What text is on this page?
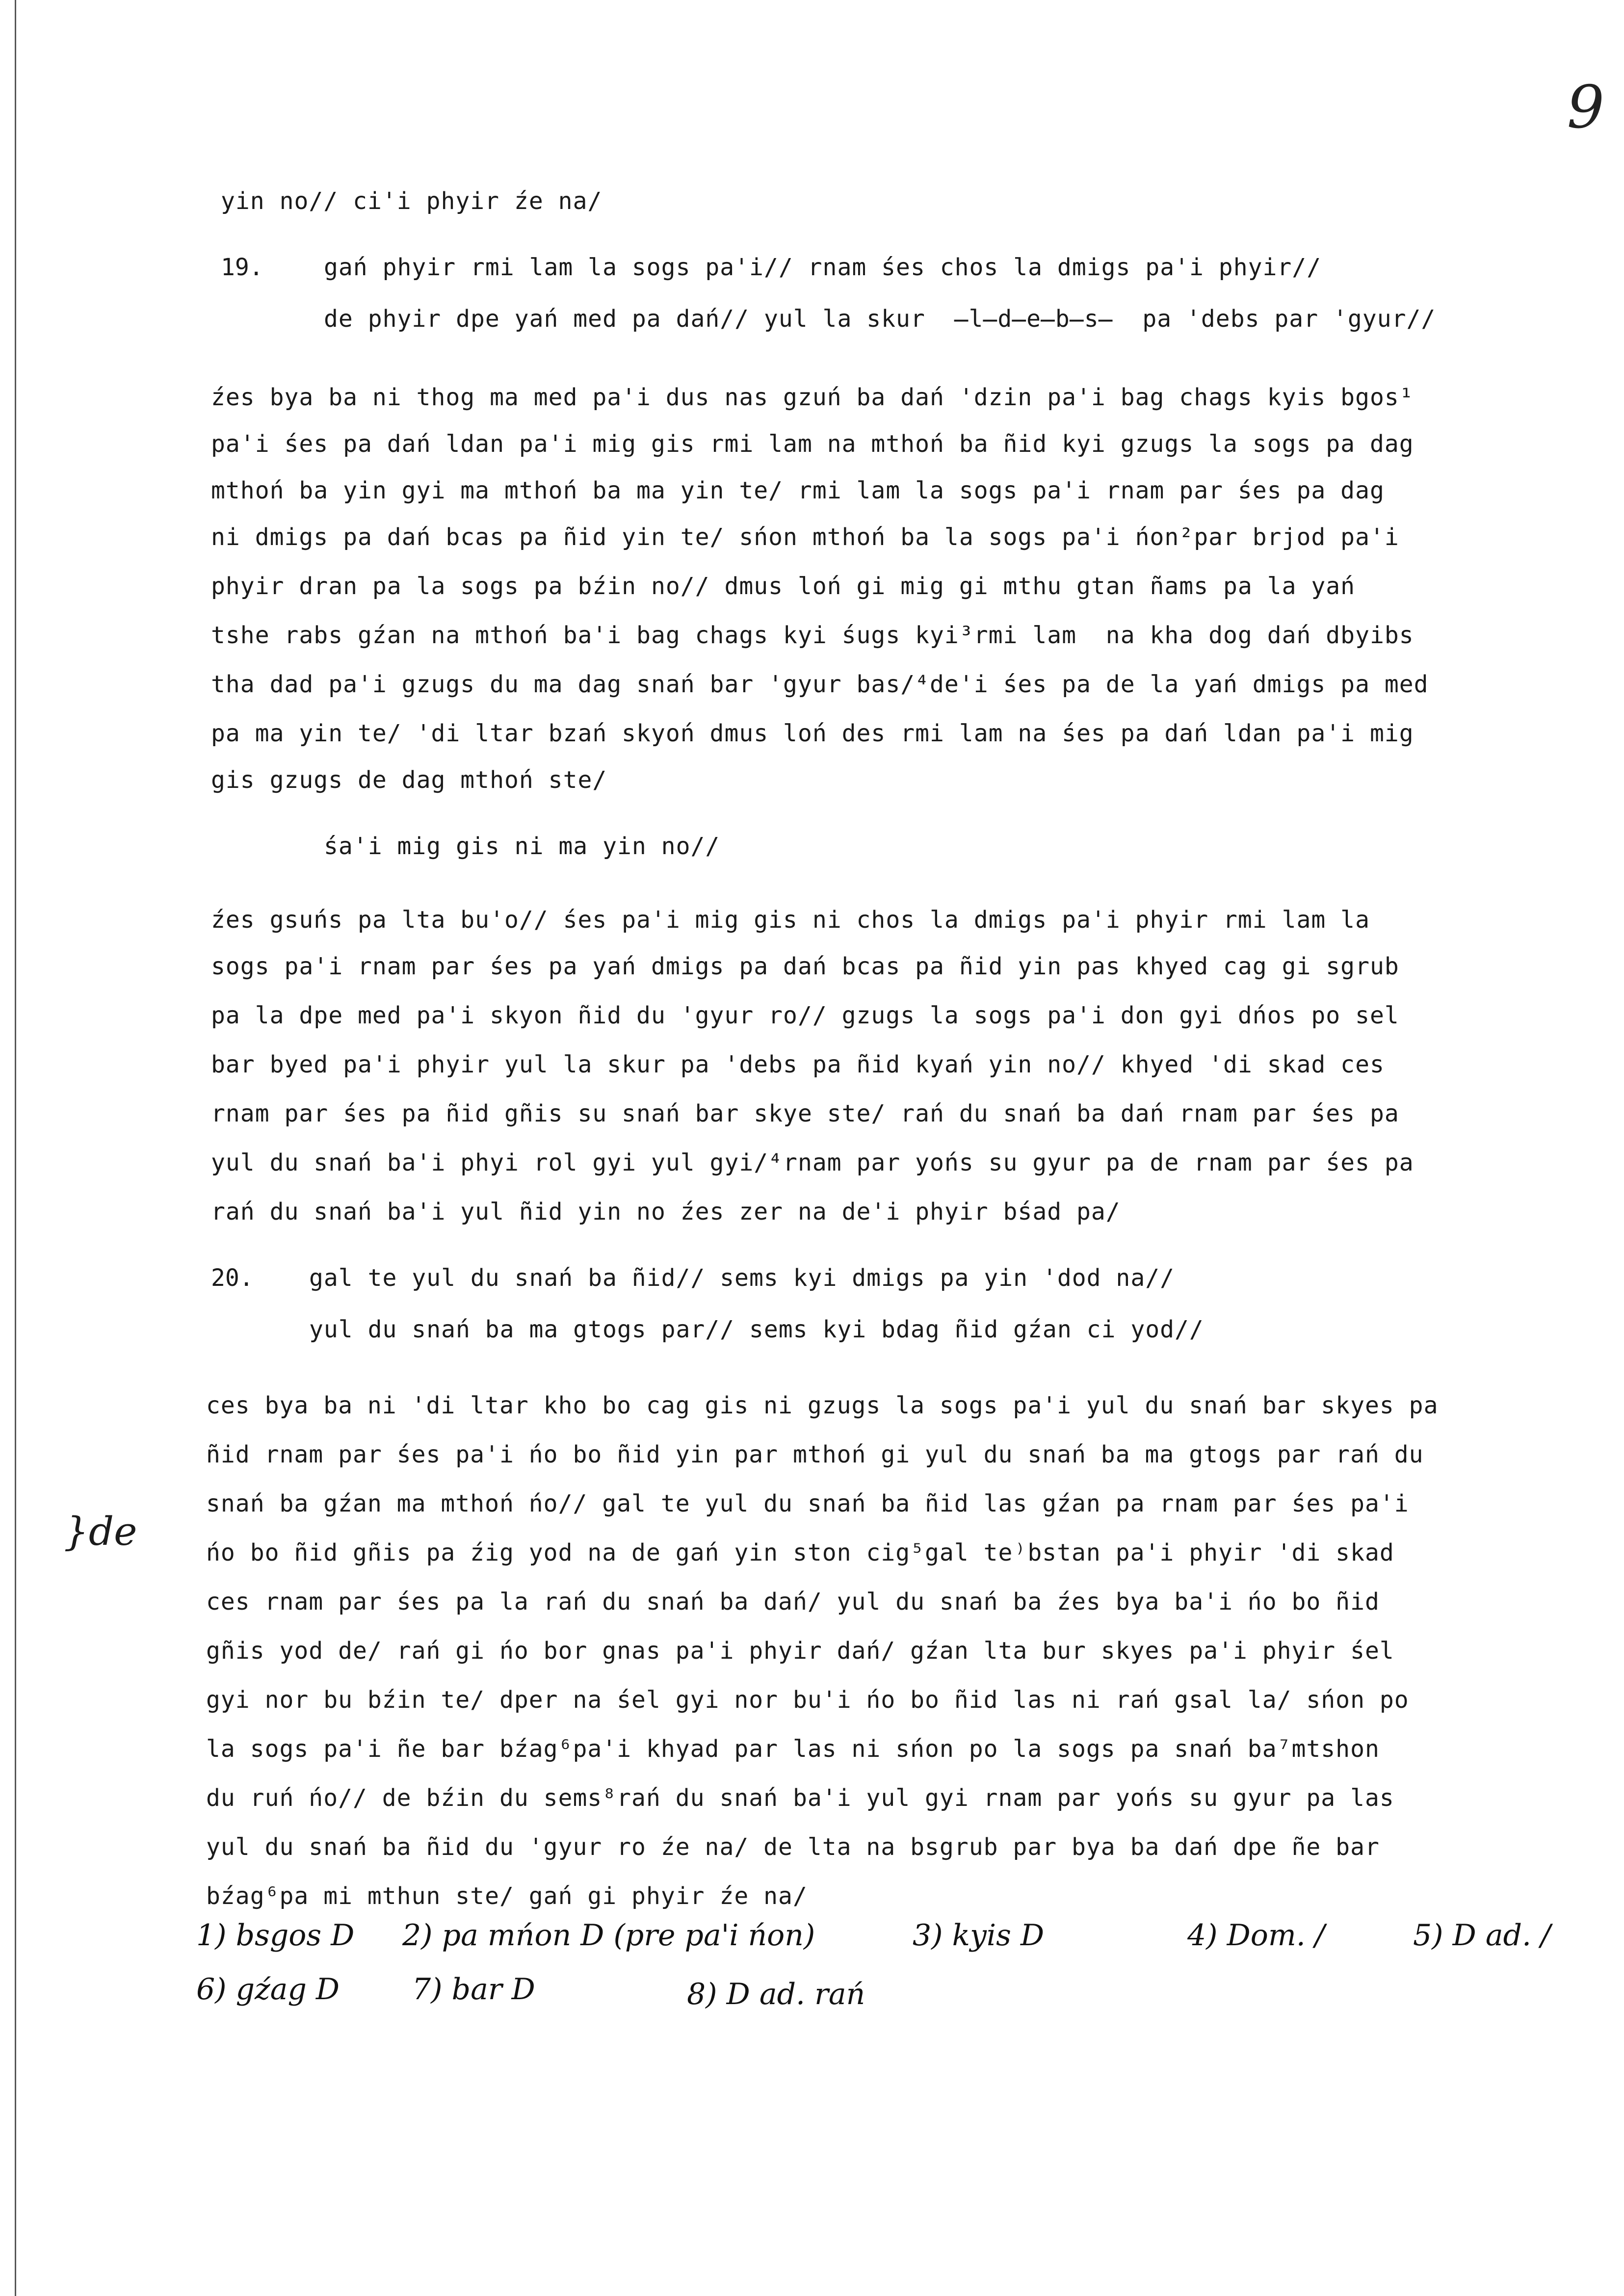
9
}de
yin no// ci'i phyir źe na/
19.	gań phyir rmi lam la sogs pa'i// rnam śes chos la dmigs pa'i phyir//
de phyir dpe yań med pa dań// yul la skur  ̶l̶d̶e̶b̶s̶  pa 'debs par 'gyur//
źes bya ba ni thog ma med pa'i dus nas gzuń ba dań 'dzin pa'i bag chags kyis bgos¹
pa'i śes pa dań ldan pa'i mig gis rmi lam na mthoń ba ñid kyi gzugs la sogs pa dag
mthoń ba yin gyi ma mthoń ba ma yin te/ rmi lam la sogs pa'i rnam par śes pa dag
ni dmigs pa dań bcas pa ñid yin te/ sńon mthoń ba la sogs pa'i ńon²par brjod pa'i
phyir dran pa la sogs pa bźin no// dmus loń gi mig gi mthu gtan ñams pa la yań
tshe rabs gźan na mthoń ba'i bag chags kyi śugs kyi³rmi lam  na kha dog dań dbyibs
tha dad pa'i gzugs du ma dag snań bar 'gyur bas/⁴de'i śes pa de la yań dmigs pa med
pa ma yin te/ 'di ltar bzań skyoń dmus loń des rmi lam na śes pa dań ldan pa'i mig
gis gzugs de dag mthoń ste/
śa'i mig gis ni ma yin no//
źes gsuńs pa lta bu'o// śes pa'i mig gis ni chos la dmigs pa'i phyir rmi lam la
sogs pa'i rnam par śes pa yań dmigs pa dań bcas pa ñid yin pas khyed cag gi sgrub
pa la dpe med pa'i skyon ñid du 'gyur ro// gzugs la sogs pa'i don gyi dńos po sel
bar byed pa'i phyir yul la skur pa 'debs pa ñid kyań yin no// khyed 'di skad ces
rnam par śes pa ñid gñis su snań bar skye ste/ rań du snań ba dań rnam par śes pa
yul du snań ba'i phyi rol gyi yul gyi/⁴rnam par yońs su gyur pa de rnam par śes pa
rań du snań ba'i yul ñid yin no źes zer na de'i phyir bśad pa/
20. gal te yul du snań ba ñid// sems kyi dmigs pa yin 'dod na//
yul du snań ba ma gtogs par// sems kyi bdag ñid gźan ci yod//
ces bya ba ni 'di ltar kho bo cag gis ni gzugs la sogs pa'i yul du snań bar skyes pa
ñid rnam par śes pa'i ńo bo ñid yin par mthoń gi yul du snań ba ma gtogs par rań du
snań ba gźan ma mthoń ńo// gal te yul du snań ba ñid las gźan pa rnam par śes pa'i
ńo bo ñid gñis pa źig yod na de gań yin ston cig⁵gal te⁾bstan pa'i phyir 'di skad
ces rnam par śes pa la rań du snań ba dań/ yul du snań ba źes bya ba'i ńo bo ñid
gñis yod de/ rań gi ńo bor gnas pa'i phyir dań/ gźan lta bur skyes pa'i phyir śel
gyi nor bu bźin te/ dper na śel gyi nor bu'i ńo bo ñid las ni rań gsal la/ sńon po
la sogs pa'i ñe bar bźag⁶pa'i khyad par las ni sńon po la sogs pa snań ba⁷mtshon
du ruń ńo// de bźin du sems⁸rań du snań ba'i yul gyi rnam par yońs su gyur pa las
yul du snań ba ñid du 'gyur ro źe na/ de lta na bsgrub par bya ba dań dpe ñe bar
bźag⁶pa mi mthun ste/ gań gi phyir źe na/
1) bsgos D 2) pa mńon D (pre pa'i ńon)	3) kyis D	4) Dom. /	5) D ad. /
6) gźag D 7) bar D	8) D ad. rań
